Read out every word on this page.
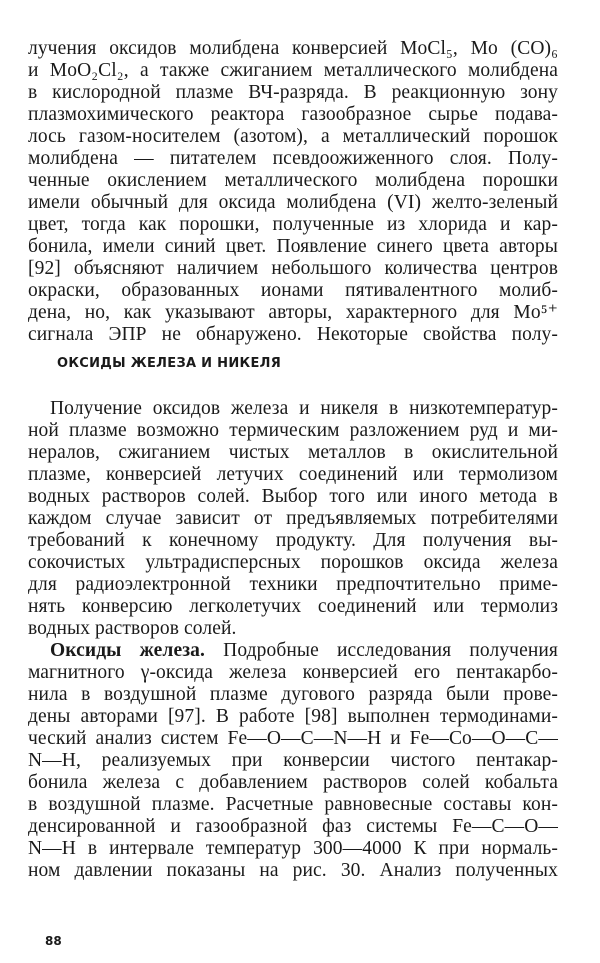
лучения оксидов молибдена конверсией MoCl₅, Mo (CO)₆
и MoO₂Cl₂, а также сжиганием металлического молибдена
в кислородной плазме ВЧ-разряда. В реакционную зону
плазмохимического реактора газообразное сырье подава-
лось газом-носителем (азотом), а металлический порошок
молибдена — питателем псевдоожиженного слоя. Полу-
ченные окислением металлического молибдена порошки
имели обычный для оксида молибдена (VI) желто-зеленый
цвет, тогда как порошки, полученные из хлорида и кар-
бонила, имели синий цвет. Появление синего цвета авторы
[92] объясняют наличием небольшого количества центров
окраски, образованных ионами пятивалентного молиб-
дена, но, как указывают авторы, характерного для Mo⁵⁺
сигнала ЭПР не обнаружено. Некоторые свойства полу-
ОКСИДЫ ЖЕЛЕЗА И НИКЕЛЯ
Получение оксидов железа и никеля в низкотемператур-
ной плазме возможно термическим разложением руд и ми-
нералов, сжиганием чистых металлов в окислительной
плазме, конверсией летучих соединений или термолизом
водных растворов солей. Выбор того или иного метода в
каждом случае зависит от предъявляемых потребителями
требований к конечному продукту. Для получения вы-
сокочистых ультрадисперсных порошков оксида железа
для радиоэлектронной техники предпочтительно приме-
нять конверсию легколетучих соединений или термолиз
водных растворов солей.
Оксиды железа. Подробные исследования получения
магнитного γ-оксида железа конверсией его пентакарбо-
нила в воздушной плазме дугового разряда были прове-
дены авторами [97]. В работе [98] выполнен термодинами-
ческий анализ систем Fe—O—C—N—H и Fe—Co—O—C—
N—H, реализуемых при конверсии чистого пентакар-
бонила железа с добавлением растворов солей кобальта
в воздушной плазме. Расчетные равновесные составы кон-
денсированной и газообразной фаз системы Fe—C—O—
N—H в интервале температур 300—4000 К при нормаль-
ном давлении показаны на рис. 30. Анализ полученных
88
